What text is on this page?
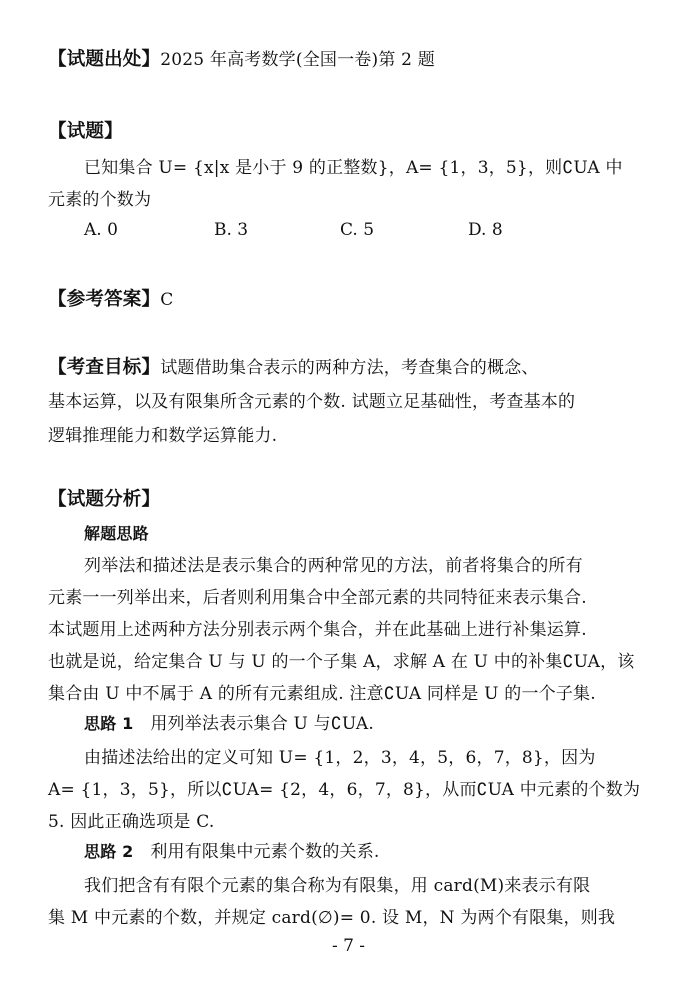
【试题出处】2025 年高考数学(全国一卷)第 2 题
【试题】
已知集合 U= {x|x 是小于 9 的正整数}，A= {1，3，5}，则∁UA 中
元素的个数为
A. 0	B. 3	C. 5	D. 8
【参考答案】C
【考查目标】试题借助集合表示的两种方法，考查集合的概念、
基本运算，以及有限集所含元素的个数. 试题立足基础性，考查基本的
逻辑推理能力和数学运算能力.
【试题分析】
解题思路
列举法和描述法是表示集合的两种常见的方法，前者将集合的所有
元素一一列举出来，后者则利用集合中全部元素的共同特征来表示集合.
本试题用上述两种方法分别表示两个集合，并在此基础上进行补集运算.
也就是说，给定集合 U 与 U 的一个子集 A，求解 A 在 U 中的补集∁UA，该
集合由 U 中不属于 A 的所有元素组成. 注意∁UA 同样是 U 的一个子集.
思路 1 用列举法表示集合 U 与∁UA.
由描述法给出的定义可知 U= {1，2，3，4，5，6，7，8}，因为
A= {1，3，5}，所以∁UA= {2，4，6，7，8}，从而∁UA 中元素的个数为
5. 因此正确选项是 C.
思路 2 利用有限集中元素个数的关系.
我们把含有有限个元素的集合称为有限集，用 card(M)来表示有限
集 M 中元素的个数，并规定 card(∅)= 0. 设 M，N 为两个有限集，则我
- 7 -
